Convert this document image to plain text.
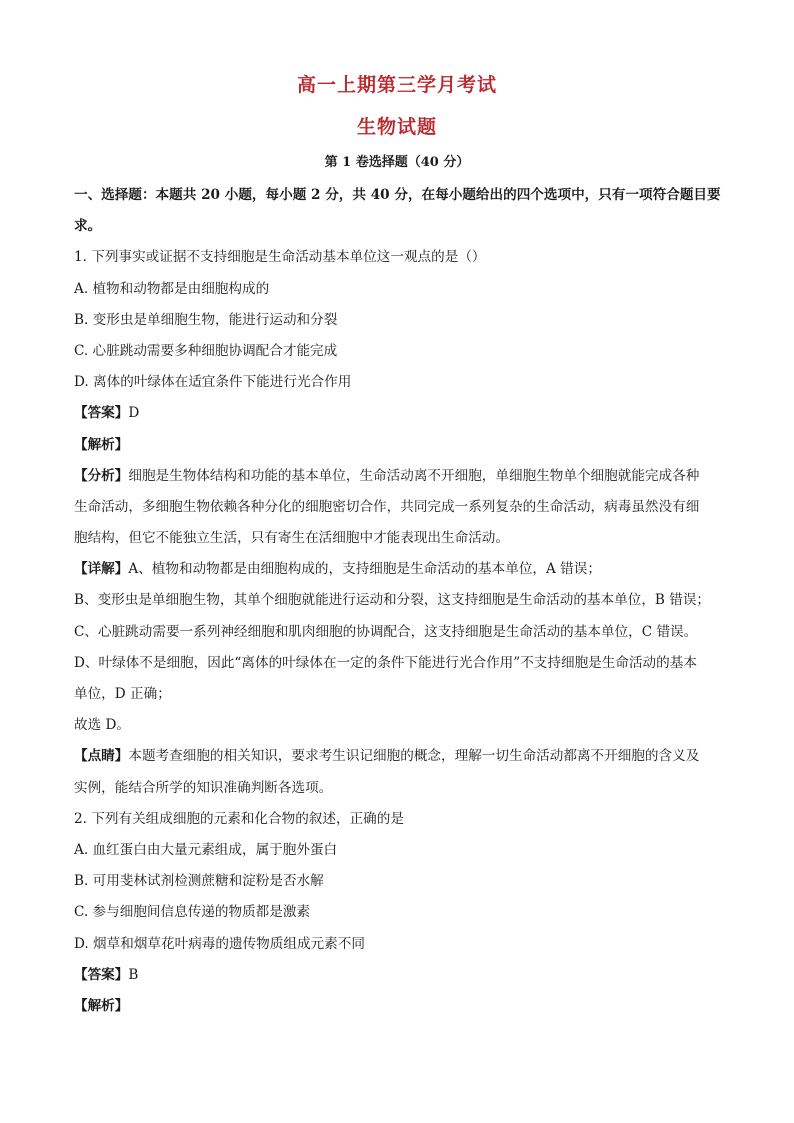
高一上期第三学月考试
生物试题
第 1 卷选择题（40 分）
一、选择题：本题共 20 小题，每小题 2 分，共 40 分，在每小题给出的四个选项中，只有一项符合题目要
求。
1. 下列事实或证据不支持细胞是生命活动基本单位这一观点的是（）
A. 植物和动物都是由细胞构成的
B. 变形虫是单细胞生物，能进行运动和分裂
C. 心脏跳动需要多种细胞协调配合才能完成
D. 离体的叶绿体在适宜条件下能进行光合作用
【答案】D
【解析】
【分析】细胞是生物体结构和功能的基本单位，生命活动离不开细胞，单细胞生物单个细胞就能完成各种
生命活动，多细胞生物依赖各种分化的细胞密切合作，共同完成一系列复杂的生命活动，病毒虽然没有细
胞结构，但它不能独立生活，只有寄生在活细胞中才能表现出生命活动。
【详解】A、植物和动物都是由细胞构成的，支持细胞是生命活动的基本单位，A 错误；
B、变形虫是单细胞生物，其单个细胞就能进行运动和分裂，这支持细胞是生命活动的基本单位，B 错误；
C、心脏跳动需要一系列神经细胞和肌肉细胞的协调配合，这支持细胞是生命活动的基本单位，C 错误。
D、叶绿体不是细胞，因此“离体的叶绿体在一定的条件下能进行光合作用”不支持细胞是生命活动的基本
单位，D 正确；
故选 D。
【点睛】本题考查细胞的相关知识，要求考生识记细胞的概念，理解一切生命活动都离不开细胞的含义及
实例，能结合所学的知识准确判断各选项。
2. 下列有关组成细胞的元素和化合物的叙述，正确的是
A. 血红蛋白由大量元素组成，属于胞外蛋白
B. 可用斐林试剂检测蔗糖和淀粉是否水解
C. 参与细胞间信息传递的物质都是激素
D. 烟草和烟草花叶病毒的遗传物质组成元素不同
【答案】B
【解析】
